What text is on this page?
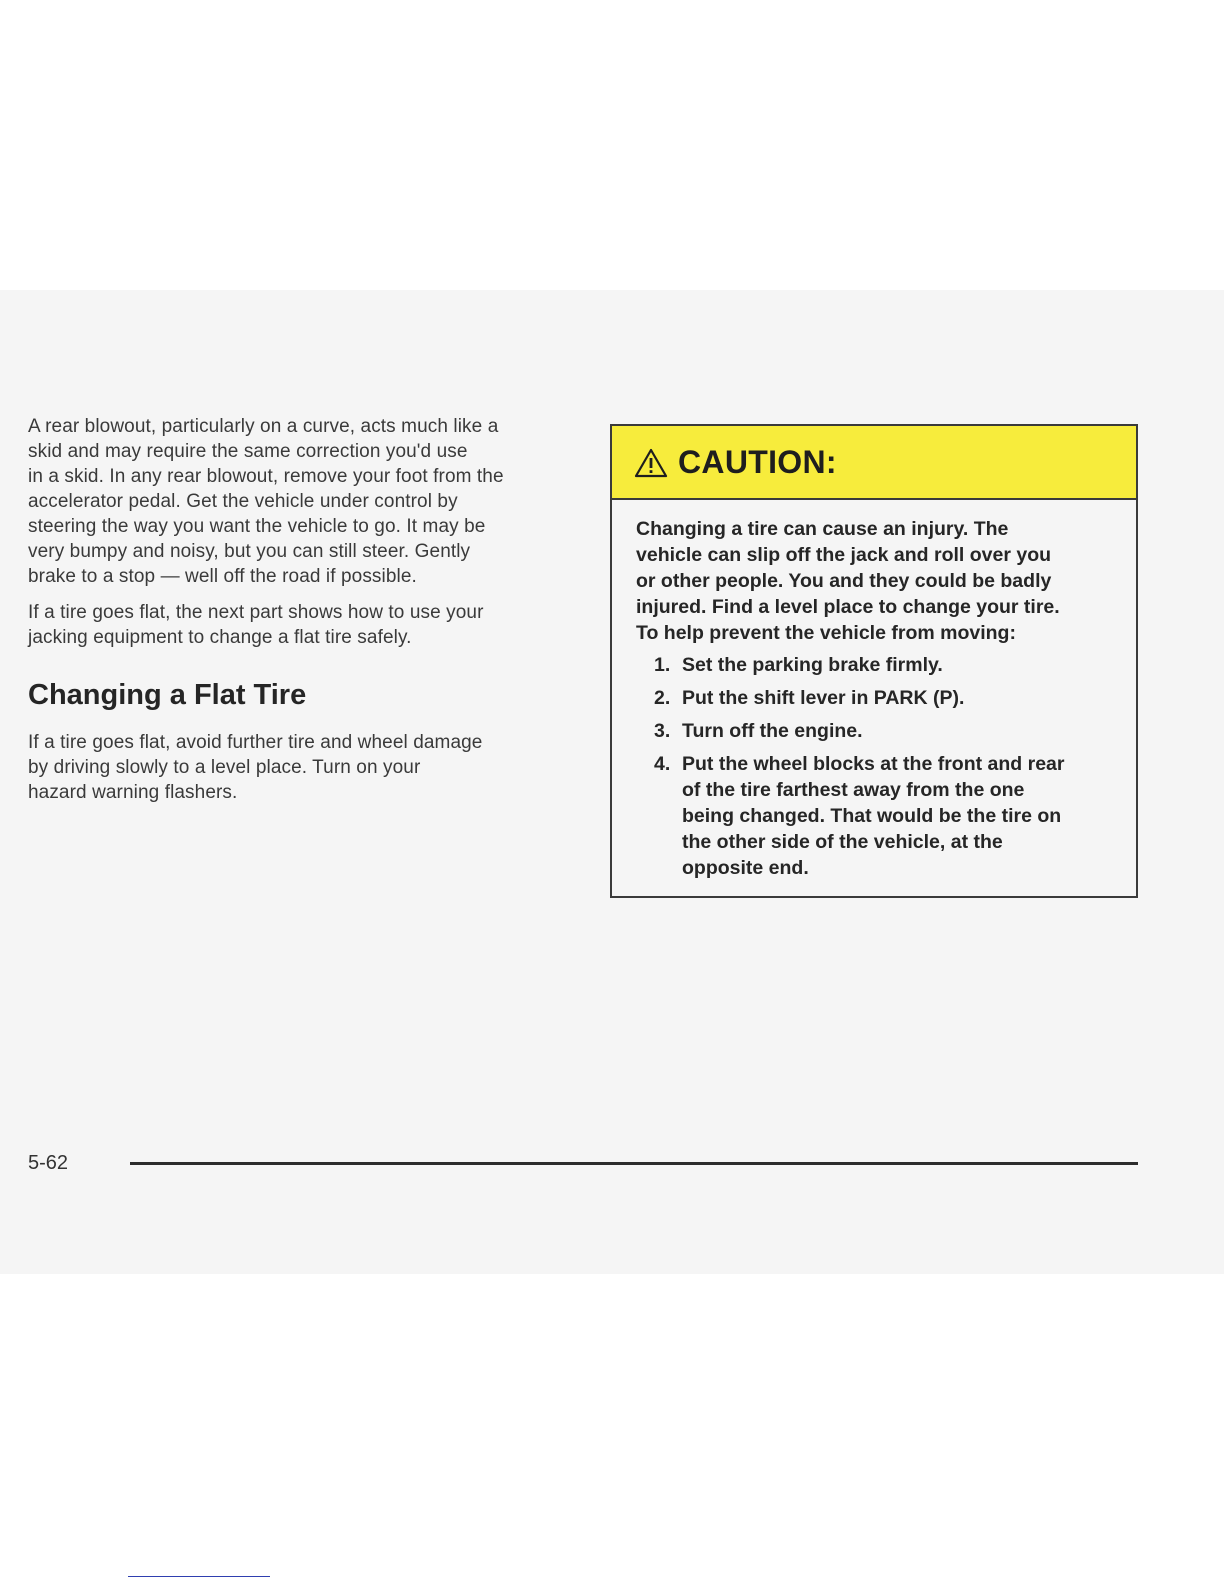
A rear blowout, particularly on a curve, acts much like a
skid and may require the same correction you'd use
in a skid. In any rear blowout, remove your foot from the
accelerator pedal. Get the vehicle under control by
steering the way you want the vehicle to go. It may be
very bumpy and noisy, but you can still steer. Gently
brake to a stop — well off the road if possible.

If a tire goes flat, the next part shows how to use your
jacking equipment to change a flat tire safely.

Changing a Flat Tire

If a tire goes flat, avoid further tire and wheel damage
by driving slowly to a level place. Turn on your
hazard warning flashers.

CAUTION:

Changing a tire can cause an injury. The
vehicle can slip off the jack and roll over you
or other people. You and they could be badly
injured. Find a level place to change your tire.
To help prevent the vehicle from moving:

1. Set the parking brake firmly.
2. Put the shift lever in PARK (P).
3. Turn off the engine.
4. Put the wheel blocks at the front and rear
of the tire farthest away from the one
being changed. That would be the tire on
the other side of the vehicle, at the
opposite end.
5-62
